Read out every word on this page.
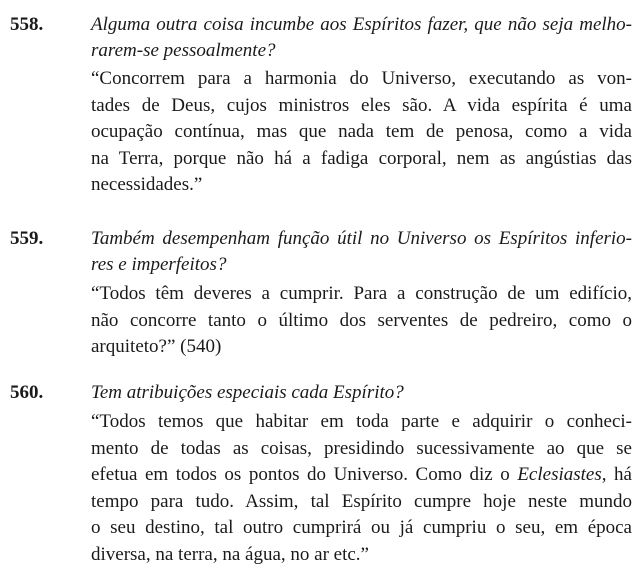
558.	Alguma outra coisa incumbe aos Espíritos fazer, que não seja melho-
rarem-se pessoalmente?
“Concorrem para a harmonia do Universo, executando as von-
tades de Deus, cujos ministros eles são. A vida espírita é uma
ocupação contínua, mas que nada tem de penosa, como a vida
na Terra, porque não há a fadiga corporal, nem as angústias das
necessidades.”
559.	Também desempenham função útil no Universo os Espíritos inferio-
res e imperfeitos?
“Todos têm deveres a cumprir. Para a construção de um edifício,
não concorre tanto o último dos serventes de pedreiro, como o
arquiteto?” (540)
560.	Tem atribuições especiais cada Espírito?
“Todos temos que habitar em toda parte e adquirir o conheci-
mento de todas as coisas, presidindo sucessivamente ao que se
efetua em todos os pontos do Universo. Como diz o Eclesiastes, há
tempo para tudo. Assim, tal Espírito cumpre hoje neste mundo
o seu destino, tal outro cumprirá ou já cumpriu o seu, em época
diversa, na terra, na água, no ar etc.”
